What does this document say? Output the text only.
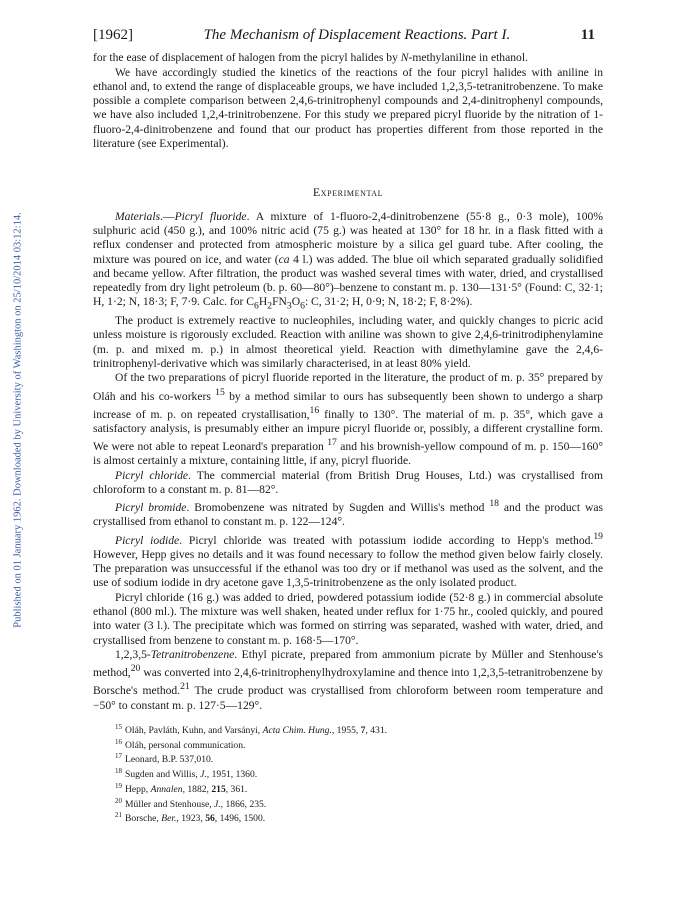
Published on 01 January 1962. Downloaded by University of Washington on 25/10/2014 03:12:14.
[1962]	The Mechanism of Displacement Reactions. Part I.	11

for the ease of displacement of halogen from the picryl halides by N-methylaniline in ethanol.

We have accordingly studied the kinetics of the reactions of the four picryl halides with aniline in ethanol and, to extend the range of displaceable groups, we have included 1,2,3,5-tetranitrobenzene. To make possible a complete comparison between 2,4,6-trinitrophenyl compounds and 2,4-dinitrophenyl compounds, we have also included 1,2,4-trinitrobenzene. For this study we prepared picryl fluoride by the nitration of 1-fluoro-2,4-dinitrobenzene and found that our product has properties different from those reported in the literature (see Experimental).

Experimental

Materials.—Picryl fluoride. A mixture of 1-fluoro-2,4-dinitrobenzene (55·8 g., 0·3 mole), 100% sulphuric acid (450 g.), and 100% nitric acid (75 g.) was heated at 130° for 18 hr. in a flask fitted with a reflux condenser and protected from atmospheric moisture by a silica gel guard tube. After cooling, the mixture was poured on ice, and water (ca 4 l.) was added. The blue oil which separated gradually solidified and became yellow. After filtration, the product was washed several times with water, dried, and crystallised repeatedly from dry light petroleum (b. p. 60—80°)–benzene to constant m. p. 130—131·5° (Found: C, 32·1; H, 1·2; N, 18·3; F, 7·9. Calc. for $C_6H_2FN_3O_6$: C, 31·2; H, 0·9; N, 18·2; F, 8·2%).

The product is extremely reactive to nucleophiles, including water, and quickly changes to picric acid unless moisture is rigorously excluded. Reaction with aniline was shown to give 2,4,6-trinitrodiphenylamine (m. p. and mixed m. p.) in almost theoretical yield. Reaction with dimethylamine gave the 2,4,6-trinitrophenyl-derivative which was similarly characterised, in at least 80% yield.

Of the two preparations of picryl fluoride reported in the literature, the product of m. p. 35° prepared by Oláh and his co-workers $^{15}$ by a method similar to ours has subsequently been shown to undergo a sharp increase of m. p. on repeated crystallisation,$^{16}$ finally to 130°. The material of m. p. 35°, which gave a satisfactory analysis, is presumably either an impure picryl fluoride or, possibly, a different crystalline form. We were not able to repeat Leonard's preparation $^{17}$ and his brownish-yellow compound of m. p. 150—160° is almost certainly a mixture, containing little, if any, picryl fluoride.

Picryl chloride. The commercial material (from British Drug Houses, Ltd.) was crystallised from chloroform to a constant m. p. 81—82°.

Picryl bromide. Bromobenzene was nitrated by Sugden and Willis's method $^{18}$ and the product was crystallised from ethanol to constant m. p. 122—124°.

Picryl iodide. Picryl chloride was treated with potassium iodide according to Hepp's method.$^{19}$ However, Hepp gives no details and it was found necessary to follow the method given below fairly closely. The preparation was unsuccessful if the ethanol was too dry or if methanol was used as the solvent, and the use of sodium iodide in dry acetone gave 1,3,5-trinitrobenzene as the only isolated product.

Picryl chloride (16 g.) was added to dried, powdered potassium iodide (52·8 g.) in commercial absolute ethanol (800 ml.). The mixture was well shaken, heated under reflux for 1·75 hr., cooled quickly, and poured into water (3 l.). The precipitate which was formed on stirring was separated, washed with water, dried, and crystallised from benzene to constant m. p. 168·5—170°.

1,2,3,5-Tetranitrobenzene. Ethyl picrate, prepared from ammonium picrate by Müller and Stenhouse's method,$^{20}$ was converted into 2,4,6-trinitrophenylhydroxylamine and thence into 1,2,3,5-tetranitrobenzene by Borsche's method.$^{21}$ The crude product was crystallised from chloroform between room temperature and −50° to constant m. p. 127·5—129°.

$^{15}$ Oláh, Pavláth, Kuhn, and Varsányi, Acta Chim. Hung., 1955, 7, 431.
$^{16}$ Oláh, personal communication.
$^{17}$ Leonard, B.P. 537,010.
$^{18}$ Sugden and Willis, J., 1951, 1360.
$^{19}$ Hepp, Annalen, 1882, 215, 361.
$^{20}$ Müller and Stenhouse, J., 1866, 235.
$^{21}$ Borsche, Ber., 1923, 56, 1496, 1500.
